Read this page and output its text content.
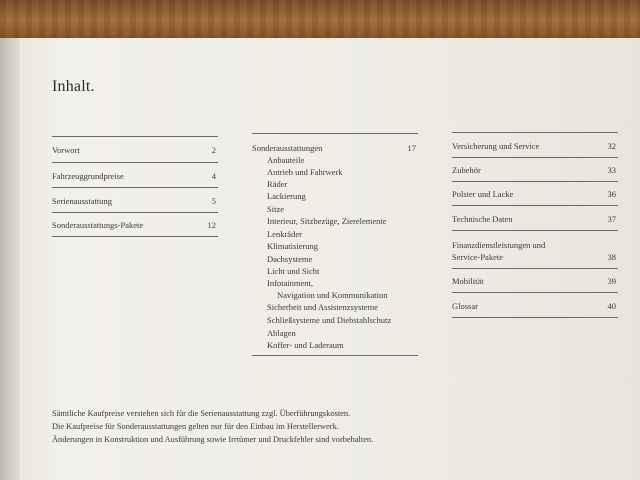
Inhalt.
Vorwort	2
Fahrzeuggrundpreise	4
Serienausstattung	5
Sonderausstattungs-Pakete	12
Sonderausstattungen	17
Anbauteile
Antrieb und Fahrwerk
Räder
Lackierung
Sitze
Interieur, Sitzbezüge, Zierelemente
Lenkräder
Klimatisierung
Dachsysteme
Licht und Sicht
Infotainment,
Navigation und Kommunikation
Sicherheit und Assistenzsysteme
Schließsysteme und Diebstahlschutz
Ablagen
Koffer- und Laderaum
Versicherung und Service	32
Zubehör	33
Polster und Lacke	36
Technische Daten	37
Finanzdienstleistungen und
Service-Pakete	38
Mobilität	39
Glossar	40
Sämtliche Kaufpreise verstehen sich für die Serienausstattung zzgl. Überführungskosten.
Die Kaufpreise für Sonderausstattungen gelten nur für den Einbau im Herstellerwerk.
Änderungen in Konstruktion und Ausführung sowie Irrtümer und Druckfehler sind vorbehalten.
